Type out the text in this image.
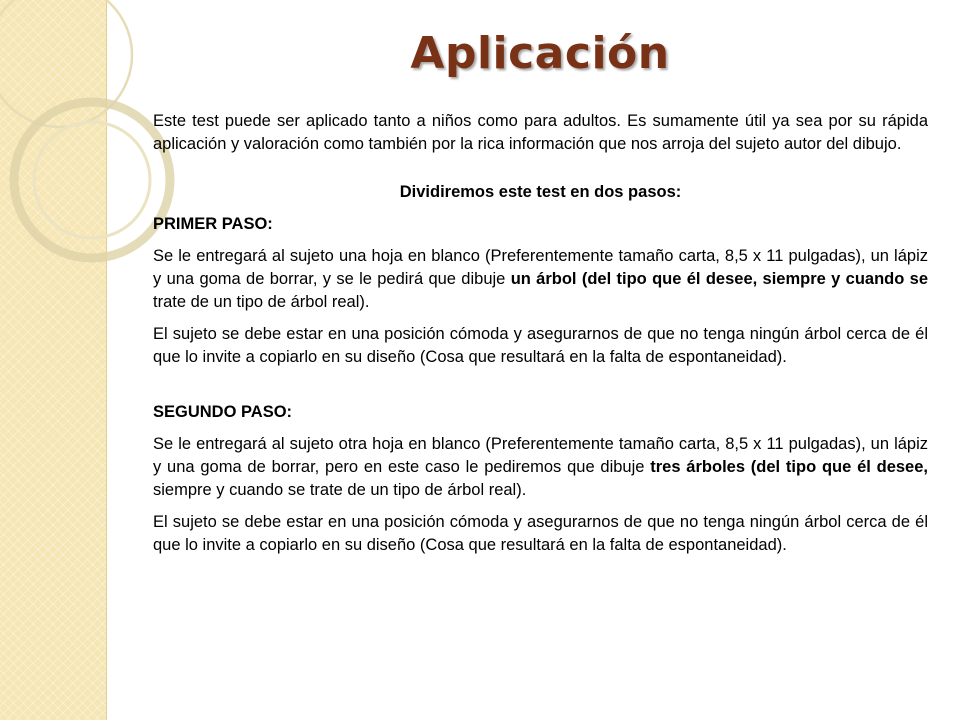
Aplicación

Este test puede ser aplicado tanto a niños como para adultos. Es sumamente útil ya sea por su rápida aplicación y valoración como también por la rica información que nos arroja del sujeto autor del dibujo.

Dividiremos este test en dos pasos:

PRIMER PASO:

Se le entregará al sujeto una hoja en blanco (Preferentemente tamaño carta, 8,5 x 11 pulgadas), un lápiz y una goma de borrar, y se le pedirá que dibuje un árbol (del tipo que él desee, siempre y cuando se trate de un tipo de árbol real).

El sujeto se debe estar en una posición cómoda y asegurarnos de que no tenga ningún árbol cerca de él que lo invite a copiarlo en su diseño (Cosa que resultará en la falta de espontaneidad).

SEGUNDO PASO:

Se le entregará al sujeto otra hoja en blanco (Preferentemente tamaño carta, 8,5 x 11 pulgadas), un lápiz y una goma de borrar, pero en este caso le pediremos que dibuje tres árboles (del tipo que él desee, siempre y cuando se trate de un tipo de árbol real).

El sujeto se debe estar en una posición cómoda y asegurarnos de que no tenga ningún árbol cerca de él que lo invite a copiarlo en su diseño (Cosa que resultará en la falta de espontaneidad).
